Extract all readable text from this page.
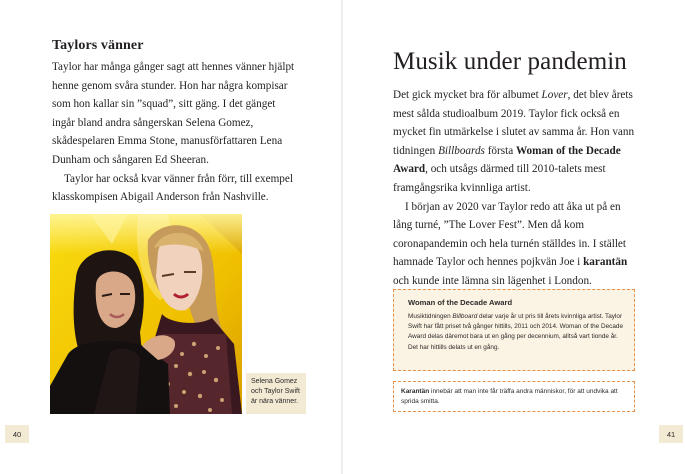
Taylors vänner

Taylor har många gånger sagt att hennes vänner hjälpt henne genom svåra stunder. Hon har några kompisar som hon kallar sin ”squad”, sitt gäng. I det gänget ingår bland andra sångerskan Selena Gomez, skådespelaren Emma Stone, manusförfattaren Lena Dunham och sångaren Ed Sheeran.

Taylor har också kvar vänner från förr, till exempel klasskompisen Abigail Anderson från Nashville.

Selena Gomez och Taylor Swift är nära vänner.
40
Musik under pandemin

Det gick mycket bra för albumet Lover, det blev årets mest sålda studioalbum 2019. Taylor fick också en mycket fin utmärkelse i slutet av samma år. Hon vann tidningen Billboards första Woman of the Decade Award, och utsågs därmed till 2010-talets mest framgångsrika kvinnliga artist.

I början av 2020 var Taylor redo att åka ut på en lång turné, ”The Lover Fest”. Men då kom coronapandemin och hela turnén ställdes in. I stället hamnade Taylor och hennes pojkvän Joe i karantän och kunde inte lämna sin lägenhet i London.

Woman of the Decade Award
Musiktidningen Billboard delar varje år ut pris till årets kvinnliga artist. Taylor Swift har fått priset två gånger hittills, 2011 och 2014. Woman of the Decade Award delas däremot bara ut en gång per decennium, alltså vart tionde år. Det har hittills delats ut en gång.
Karantän innebär att man inte får träffa andra människor, för att undvika att sprida smitta.
41
